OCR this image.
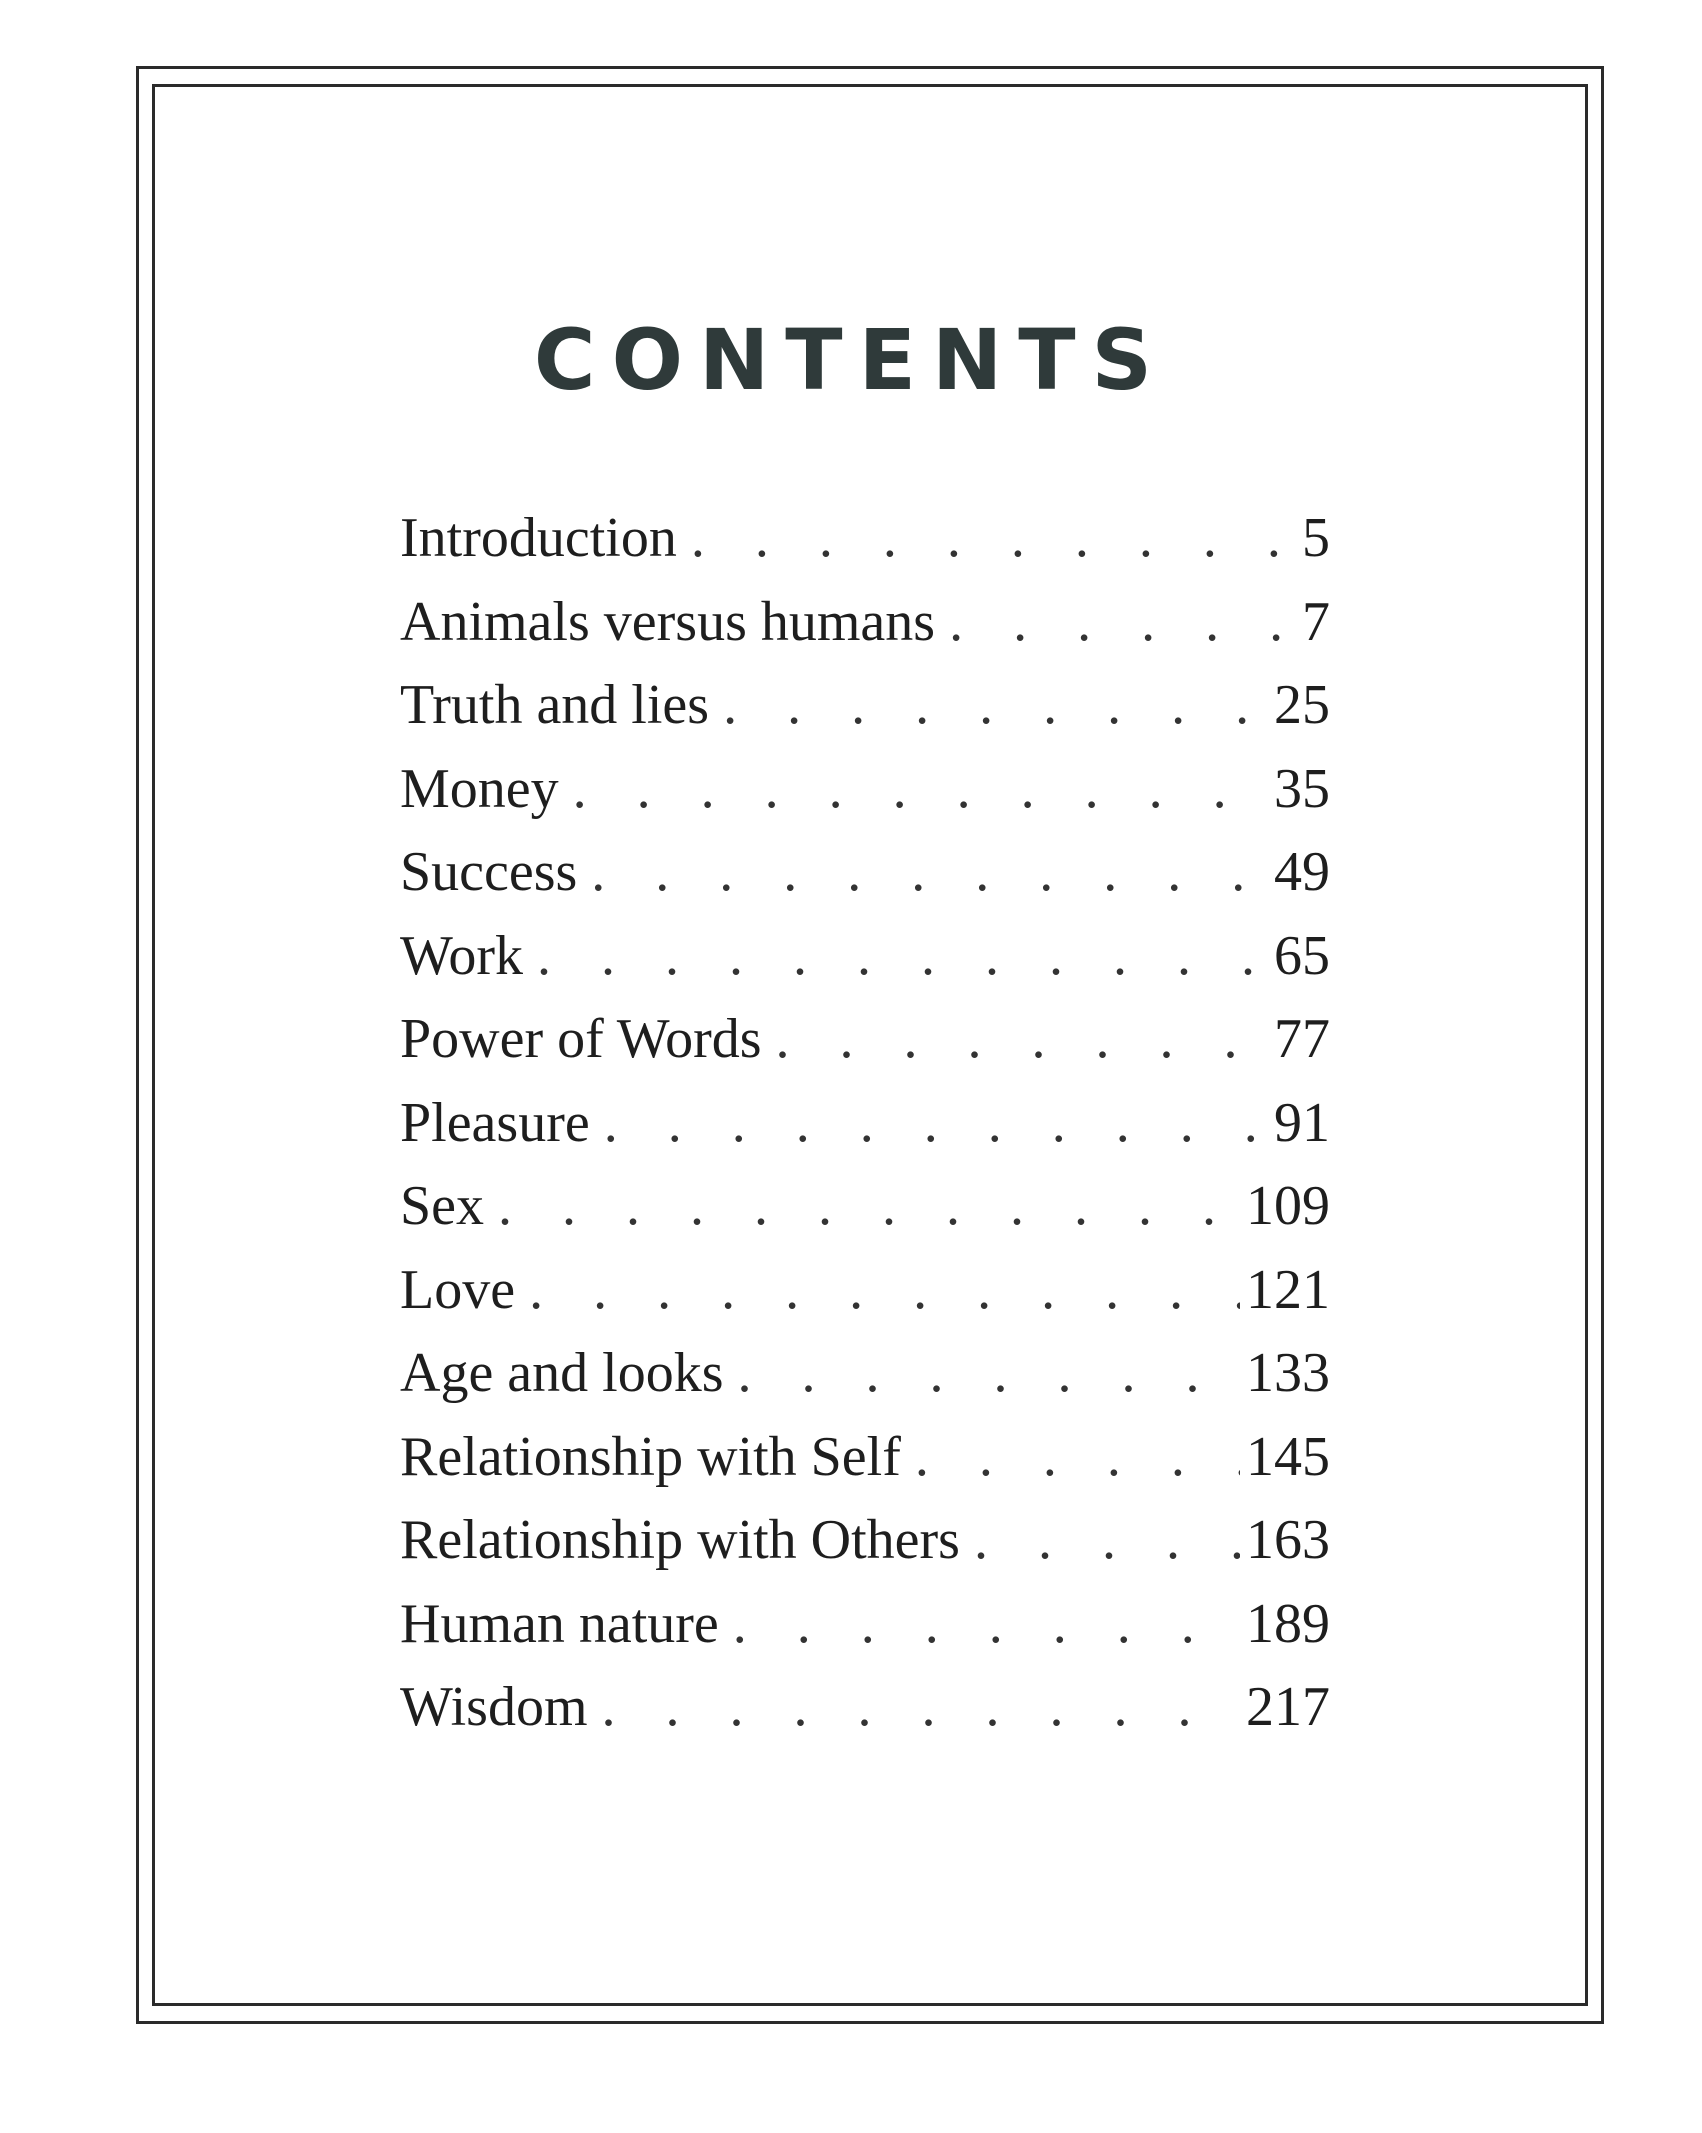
CONTENTS
Introduction . . .	5
Animals versus humans . . .	7
Truth and lies . . .	25
Money . . .	35
Success . . .	49
Work . . .	65
Power of Words . . .	77
Pleasure . . .	91
Sex . . .	109
Love . . .	121
Age and looks . . .	133
Relationship with Self . . .	145
Relationship with Others . . .	163
Human nature . . .	189
Wisdom . . .	217
